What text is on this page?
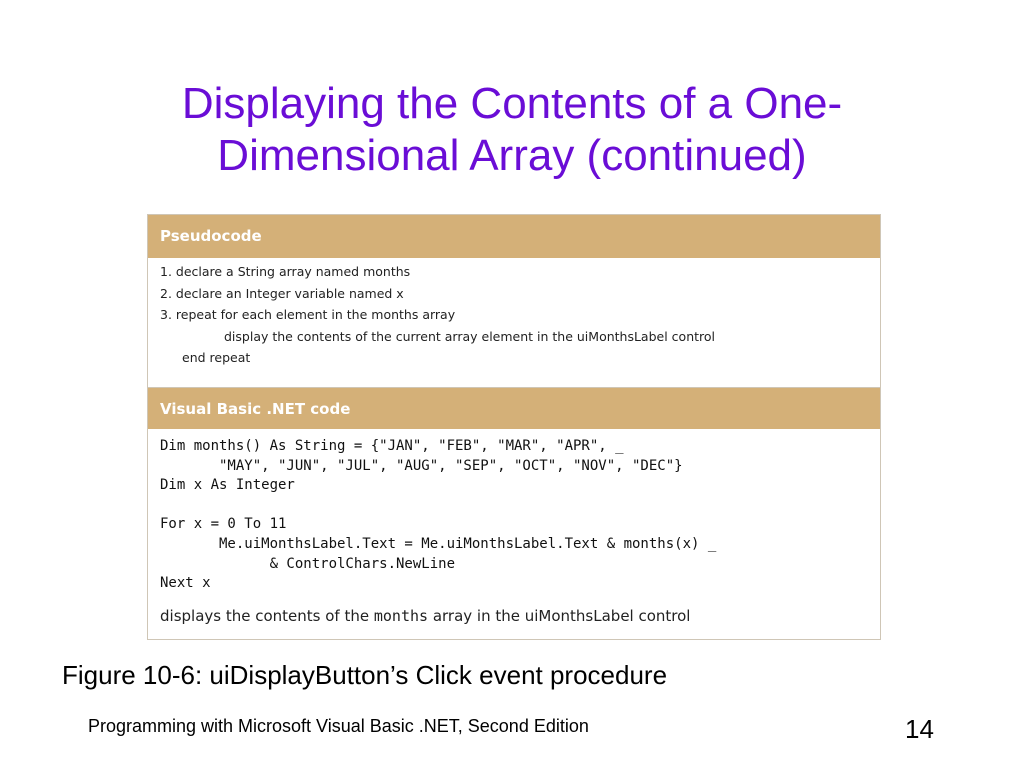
Displaying the Contents of a One-
Dimensional Array (continued)
Pseudocode
1. declare a String array named months
2. declare an Integer variable named x
3. repeat for each element in the months array
display the contents of the current array element in the uiMonthsLabel control
end repeat
Visual Basic .NET code
Dim months() As String = {"JAN", "FEB", "MAR", "APR", _
"MAY", "JUN", "JUL", "AUG", "SEP", "OCT", "NOV", "DEC"}
Dim x As Integer
For x = 0 To 11
Me.uiMonthsLabel.Text = Me.uiMonthsLabel.Text & months(x) _
& ControlChars.NewLine
Next x
displays the contents of the months array in the uiMonthsLabel control
Figure 10-6: uiDisplayButton’s Click event procedure
Programming with Microsoft Visual Basic .NET, Second Edition	14
